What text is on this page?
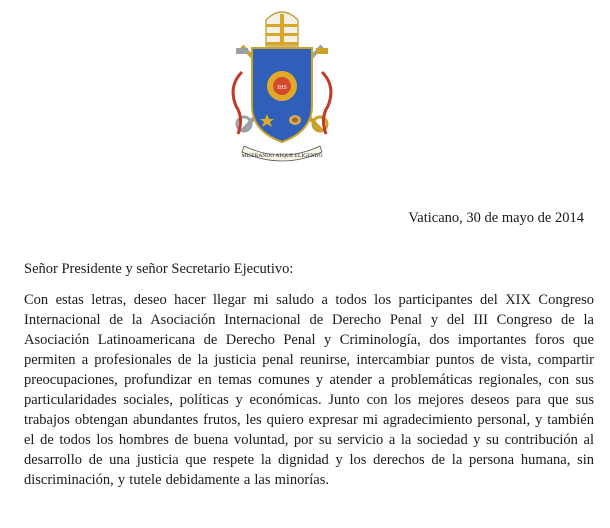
IHS
MISERANDO ATQUE ELIGENDO
Vaticano, 30 de mayo de 2014
Señor Presidente y señor Secretario Ejecutivo:
Con estas letras, deseo hacer llegar mi saludo a todos los participantes del XIX Congreso Internacional de la Asociación Internacional de Derecho Penal y del III Congreso de la Asociación Latinoamericana de Derecho Penal y Criminología, dos importantes foros que permiten a profesionales de la justicia penal reunirse, intercambiar puntos de vista, compartir preocupaciones, profundizar en temas comunes y atender a problemáticas regionales, con sus particularidades sociales, políticas y económicas. Junto con los mejores deseos para que sus trabajos obtengan abundantes frutos, les quiero expresar mi agradecimiento personal, y también el de todos los hombres de buena voluntad, por su servicio a la sociedad y su contribución al desarrollo de una justicia que respete la dignidad y los derechos de la persona humana, sin discriminación, y tutele debidamente a las minorías.
